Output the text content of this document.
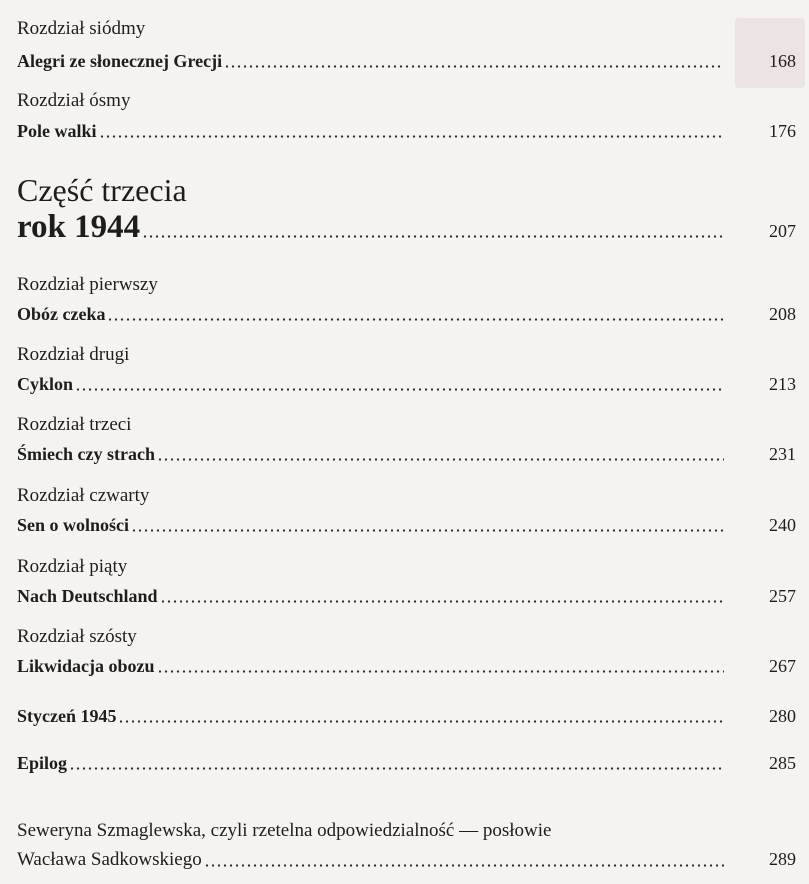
Rozdział siódmy
Alegri ze słonecznej Grecji	168
Rozdział ósmy
Pole walki	176
Część trzecia
rok 1944	207
Rozdział pierwszy
Obóz czeka	208
Rozdział drugi
Cyklon	213
Rozdział trzeci
Śmiech czy strach	231
Rozdział czwarty
Sen o wolności	240
Rozdział piąty
Nach Deutschland	257
Rozdział szósty
Likwidacja obozu	267
Styczeń 1945	280
Epilog	285
Seweryna Szmaglewska, czyli rzetelna odpowiedzialność — posłowie
Wacława Sadkowskiego	289
